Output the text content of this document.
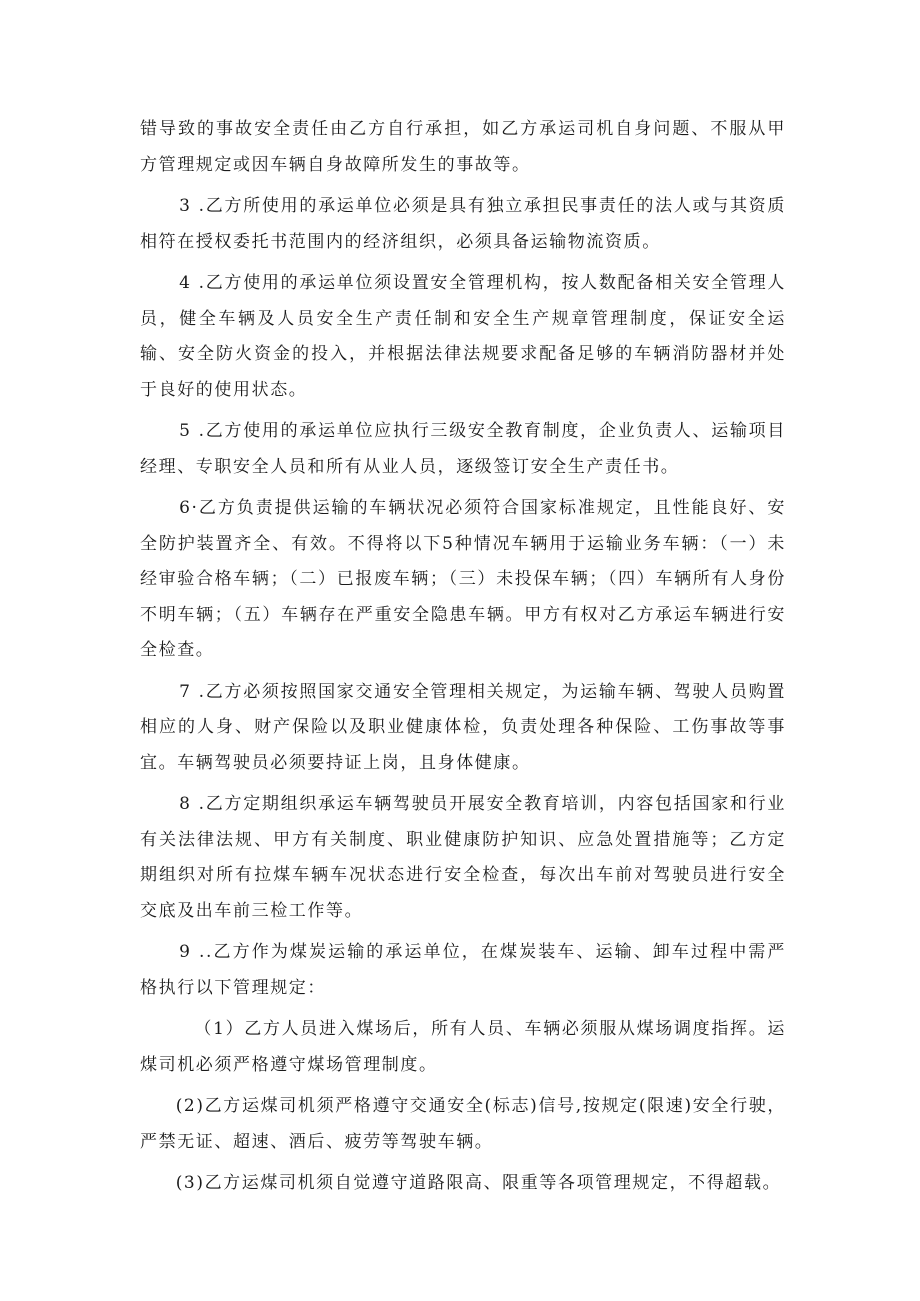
错导致的事故安全责任由乙方自行承担，如乙方承运司机自身问题、不服从甲方管理规定或因车辆自身故障所发生的事故等。

3 .乙方所使用的承运单位必须是具有独立承担民事责任的法人或与其资质相符在授权委托书范围内的经济组织，必须具备运输物流资质。

4 .乙方使用的承运单位须设置安全管理机构，按人数配备相关安全管理人员，健全车辆及人员安全生产责任制和安全生产规章管理制度，保证安全运输、安全防火资金的投入，并根据法律法规要求配备足够的车辆消防器材并处于良好的使用状态。

5 .乙方使用的承运单位应执行三级安全教育制度，企业负责人、运输项目经理、专职安全人员和所有从业人员，逐级签订安全生产责任书。

6·乙方负责提供运输的车辆状况必须符合国家标准规定，且性能良好、安全防护装置齐全、有效。不得将以下5种情况车辆用于运输业务车辆：（一）未经审验合格车辆；（二）已报废车辆；（三）未投保车辆；（四）车辆所有人身份不明车辆；（五）车辆存在严重安全隐患车辆。甲方有权对乙方承运车辆进行安全检查。

7 .乙方必须按照国家交通安全管理相关规定，为运输车辆、驾驶人员购置相应的人身、财产保险以及职业健康体检，负责处理各种保险、工伤事故等事宜。车辆驾驶员必须要持证上岗，且身体健康。

8 .乙方定期组织承运车辆驾驶员开展安全教育培训，内容包括国家和行业有关法律法规、甲方有关制度、职业健康防护知识、应急处置措施等；乙方定期组织对所有拉煤车辆车况状态进行安全检查，每次出车前对驾驶员进行安全交底及出车前三检工作等。

9 ..乙方作为煤炭运输的承运单位，在煤炭装车、运输、卸车过程中需严格执行以下管理规定：

（1）乙方人员进入煤场后，所有人员、车辆必须服从煤场调度指挥。运煤司机必须严格遵守煤场管理制度。

(2)乙方运煤司机须严格遵守交通安全(标志)信号,按规定(限速)安全行驶，严禁无证、超速、酒后、疲劳等驾驶车辆。

(3)乙方运煤司机须自觉遵守道路限高、限重等各项管理规定，不得超载。
